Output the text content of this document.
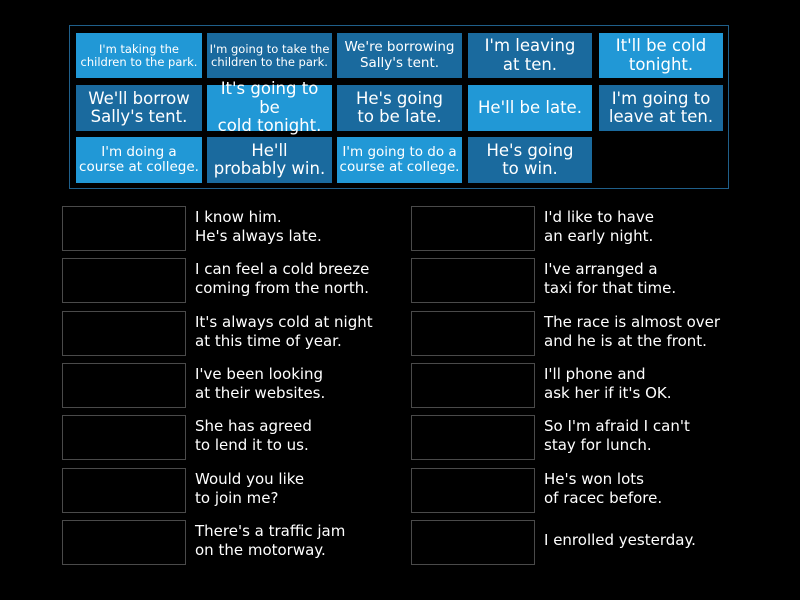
I'm taking the
children to the park.
I'm going to take the
children to the park.
We're borrowing
Sally's tent.
I'm leaving
at ten.
It'll be cold
tonight.
We'll borrow
Sally's tent.
It's going to be
cold tonight.
He's going
to be late.	He'll be late.	I'm going to
leave at ten.
I'm doing a
course at college.
He'll
probably win.
I'm going to do a
course at college.
He's going
to win.
I know him.
He's always late.
I can feel a cold breeze
coming from the north.
It's always cold at night
at this time of year.
I've been looking
at their websites.
She has agreed
to lend it to us.
Would you like
to join me?
There's a traffic jam
on the motorway.
I'd like to have
an early night.
I've arranged a
taxi for that time.
The race is almost over
and he is at the front.
I'll phone and
ask her if it's OK.
So I'm afraid I can't
stay for lunch.
He's won lots
of racec before.
I enrolled yesterday.
